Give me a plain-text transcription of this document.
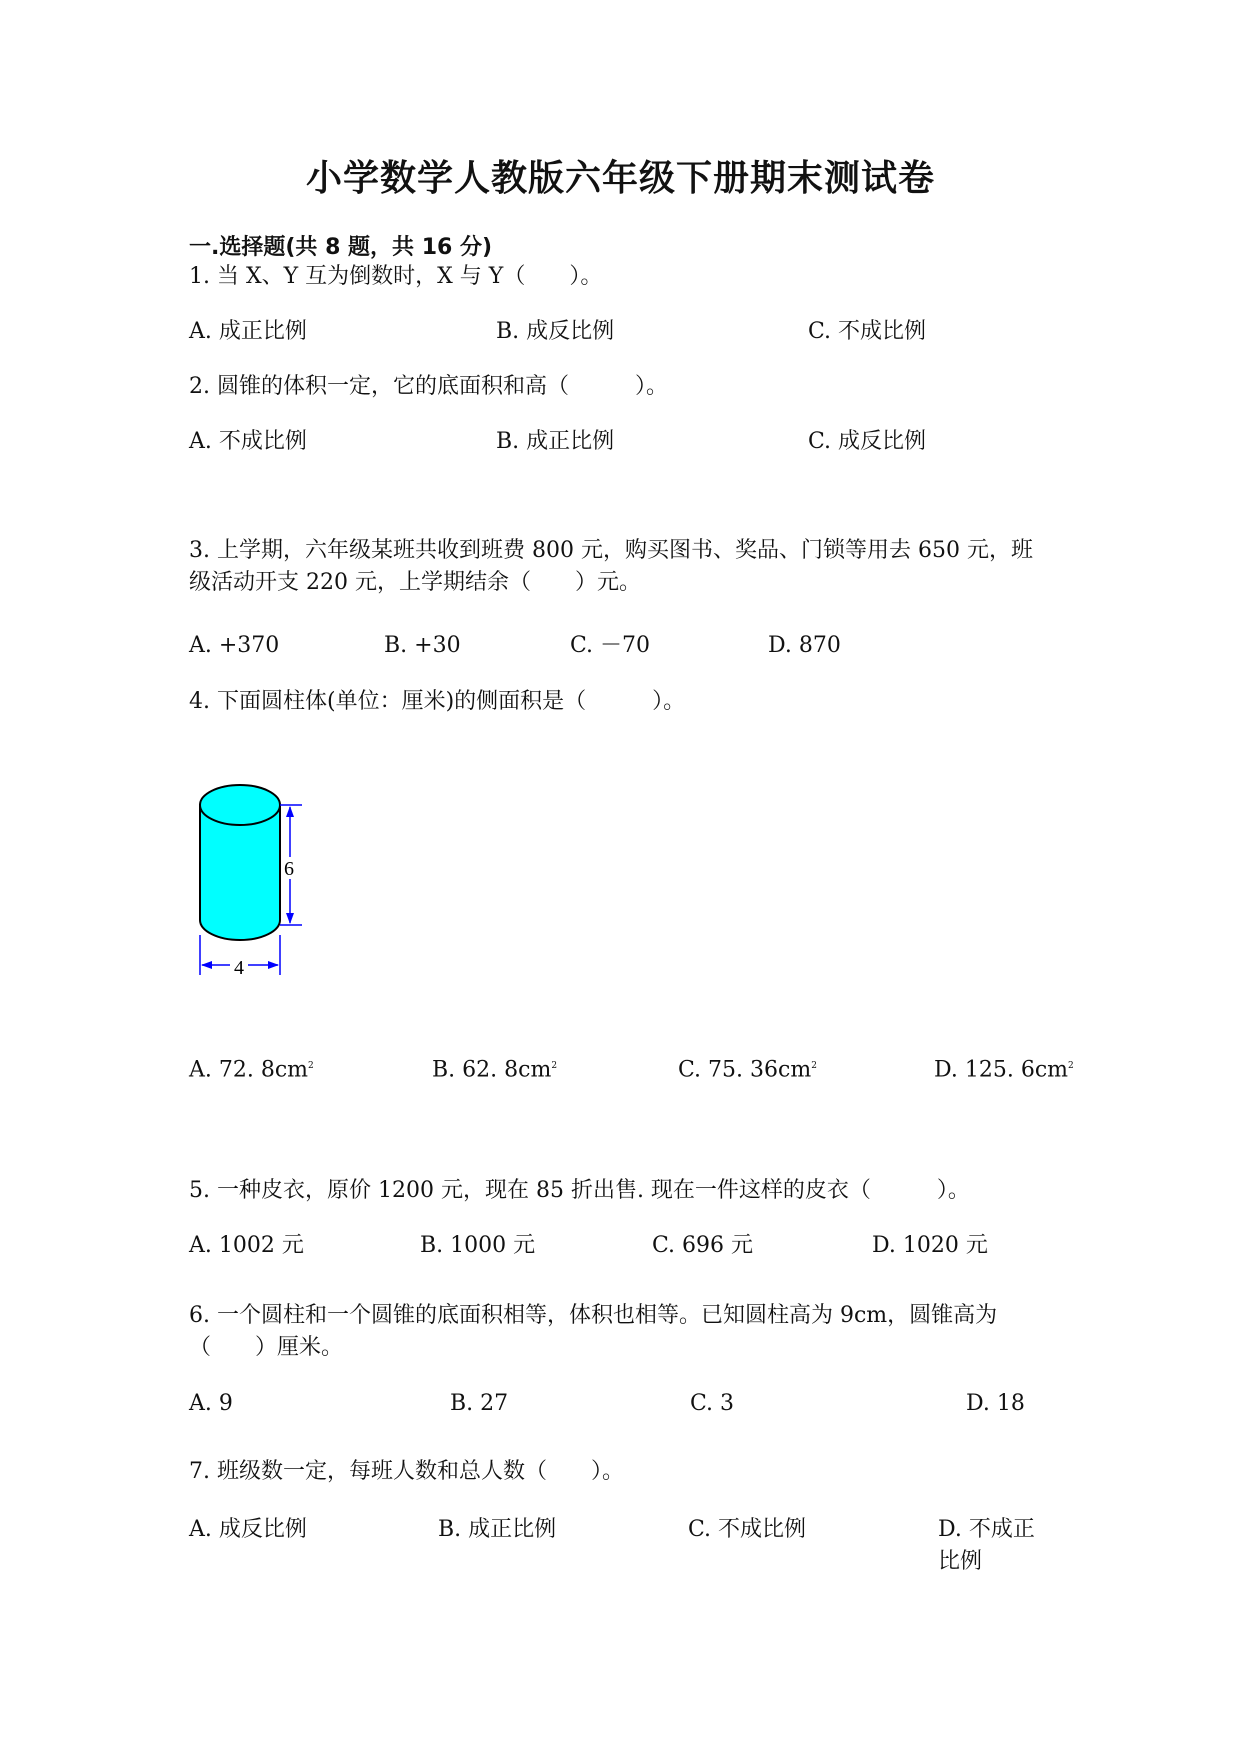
小学数学人教版六年级下册期末测试卷
一.选择题(共 8 题，共 16 分)
1. 当 X、Y 互为倒数时，X 与 Y（　　）。
A. 成正比例	B. 成反比例	C. 不成比例
2. 圆锥的体积一定，它的底面积和高（　　　）。
A. 不成比例	B. 成正比例	C. 成反比例
3. 上学期，六年级某班共收到班费 800 元，购买图书、奖品、门锁等用去 650 元，班级活动开支 220 元，上学期结余（　　）元。
A. +370	B. +30	C. －70	D. 870
4. 下面圆柱体(单位：厘米)的侧面积是（　　　）。
6
4
A. 72. $8cm^2$	B. 62. $8cm^2$	C. 75. $36cm^2$	D. 125. $6cm^2$
5. 一种皮衣，原价 1200 元，现在 85 折出售. 现在一件这样的皮衣（　　　）。
A. 1002 元	B. 1000 元	C. 696 元	D. 1020 元
6. 一个圆柱和一个圆锥的底面积相等，体积也相等。已知圆柱高为 9cm，圆锥高为（　　）厘米。
A. 9	B. 27	C. 3	D. 18
7. 班级数一定，每班人数和总人数（　　）。
A. 成反比例	B. 成正比例	C. 不成比例	D. 不成正比例
